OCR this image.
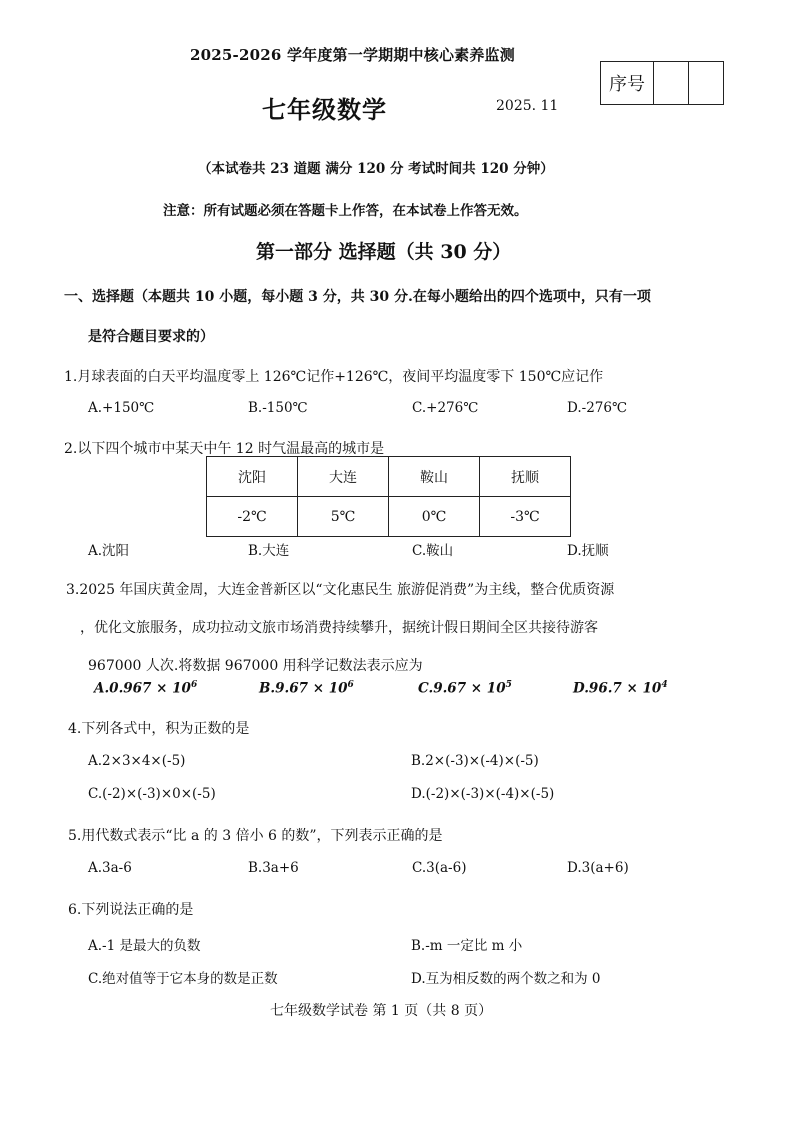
2025-2026 学年度第一学期期中核心素养监测
七年级数学	2025. 11
序号
（本试卷共 23 道题 满分 120 分 考试时间共 120 分钟）
注意：所有试题必须在答题卡上作答，在本试卷上作答无效。
第一部分 选择题（共 30 分）
一、选择题（本题共 10 小题，每小题 3 分，共 30 分.在每小题给出的四个选项中，只有一项
是符合题目要求的）
1.月球表面的白天平均温度零上 126℃记作+126℃，夜间平均温度零下 150℃应记作
A.+150℃	B.-150℃	C.+276℃	D.-276℃
2.以下四个城市中某天中午 12 时气温最高的城市是
沈阳	大连	鞍山	抚顺
-2℃	5℃	0℃	-3℃
A.沈阳	B.大连	C.鞍山	D.抚顺
3.2025 年国庆黄金周，大连金普新区以“文化惠民生 旅游促消费”为主线，整合优质资源
，优化文旅服务，成功拉动文旅市场消费持续攀升，据统计假日期间全区共接待游客
967000 人次.将数据 967000 用科学记数法表示应为
$A.0.967 \times 10^6$	$B.9.67 \times 10^6$	$C.9.67 \times 10^5$	$D.96.7 \times 10^4$
4.下列各式中，积为正数的是
A.2×3×4×(-5)	B.2×(-3)×(-4)×(-5)
C.(-2)×(-3)×0×(-5)	D.(-2)×(-3)×(-4)×(-5)
5.用代数式表示“比 a 的 3 倍小 6 的数”，下列表示正确的是
A.3a-6	B.3a+6	C.3(a-6)	D.3(a+6)
6.下列说法正确的是
A.-1 是最大的负数	B.-m 一定比 m 小
C.绝对值等于它本身的数是正数	D.互为相反数的两个数之和为 0
七年级数学试卷 第 1 页（共 8 页）
